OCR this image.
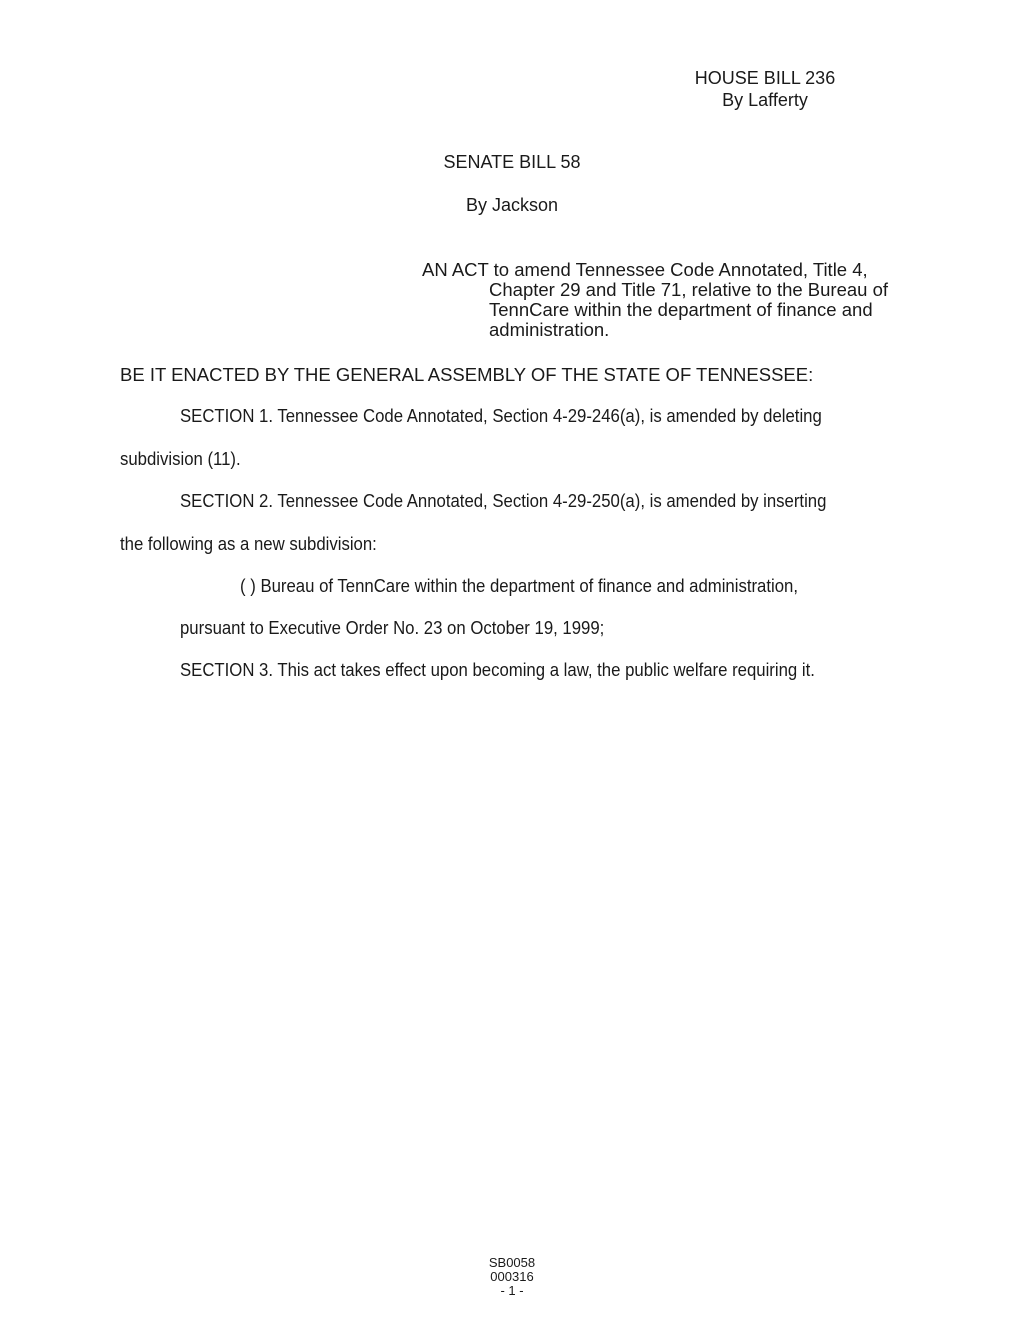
HOUSE BILL 236
By Lafferty
SENATE BILL 58
By Jackson
AN ACT to amend Tennessee Code Annotated, Title 4,
Chapter 29 and Title 71, relative to the Bureau of
TennCare within the department of finance and
administration.
BE IT ENACTED BY THE GENERAL ASSEMBLY OF THE STATE OF TENNESSEE:
SECTION 1. Tennessee Code Annotated, Section 4-29-246(a), is amended by deleting
subdivision (11).
SECTION 2. Tennessee Code Annotated, Section 4-29-250(a), is amended by inserting
the following as a new subdivision:
( ) Bureau of TennCare within the department of finance and administration,
pursuant to Executive Order No. 23 on October 19, 1999;
SECTION 3. This act takes effect upon becoming a law, the public welfare requiring it.
SB0058
000316
- 1 -
